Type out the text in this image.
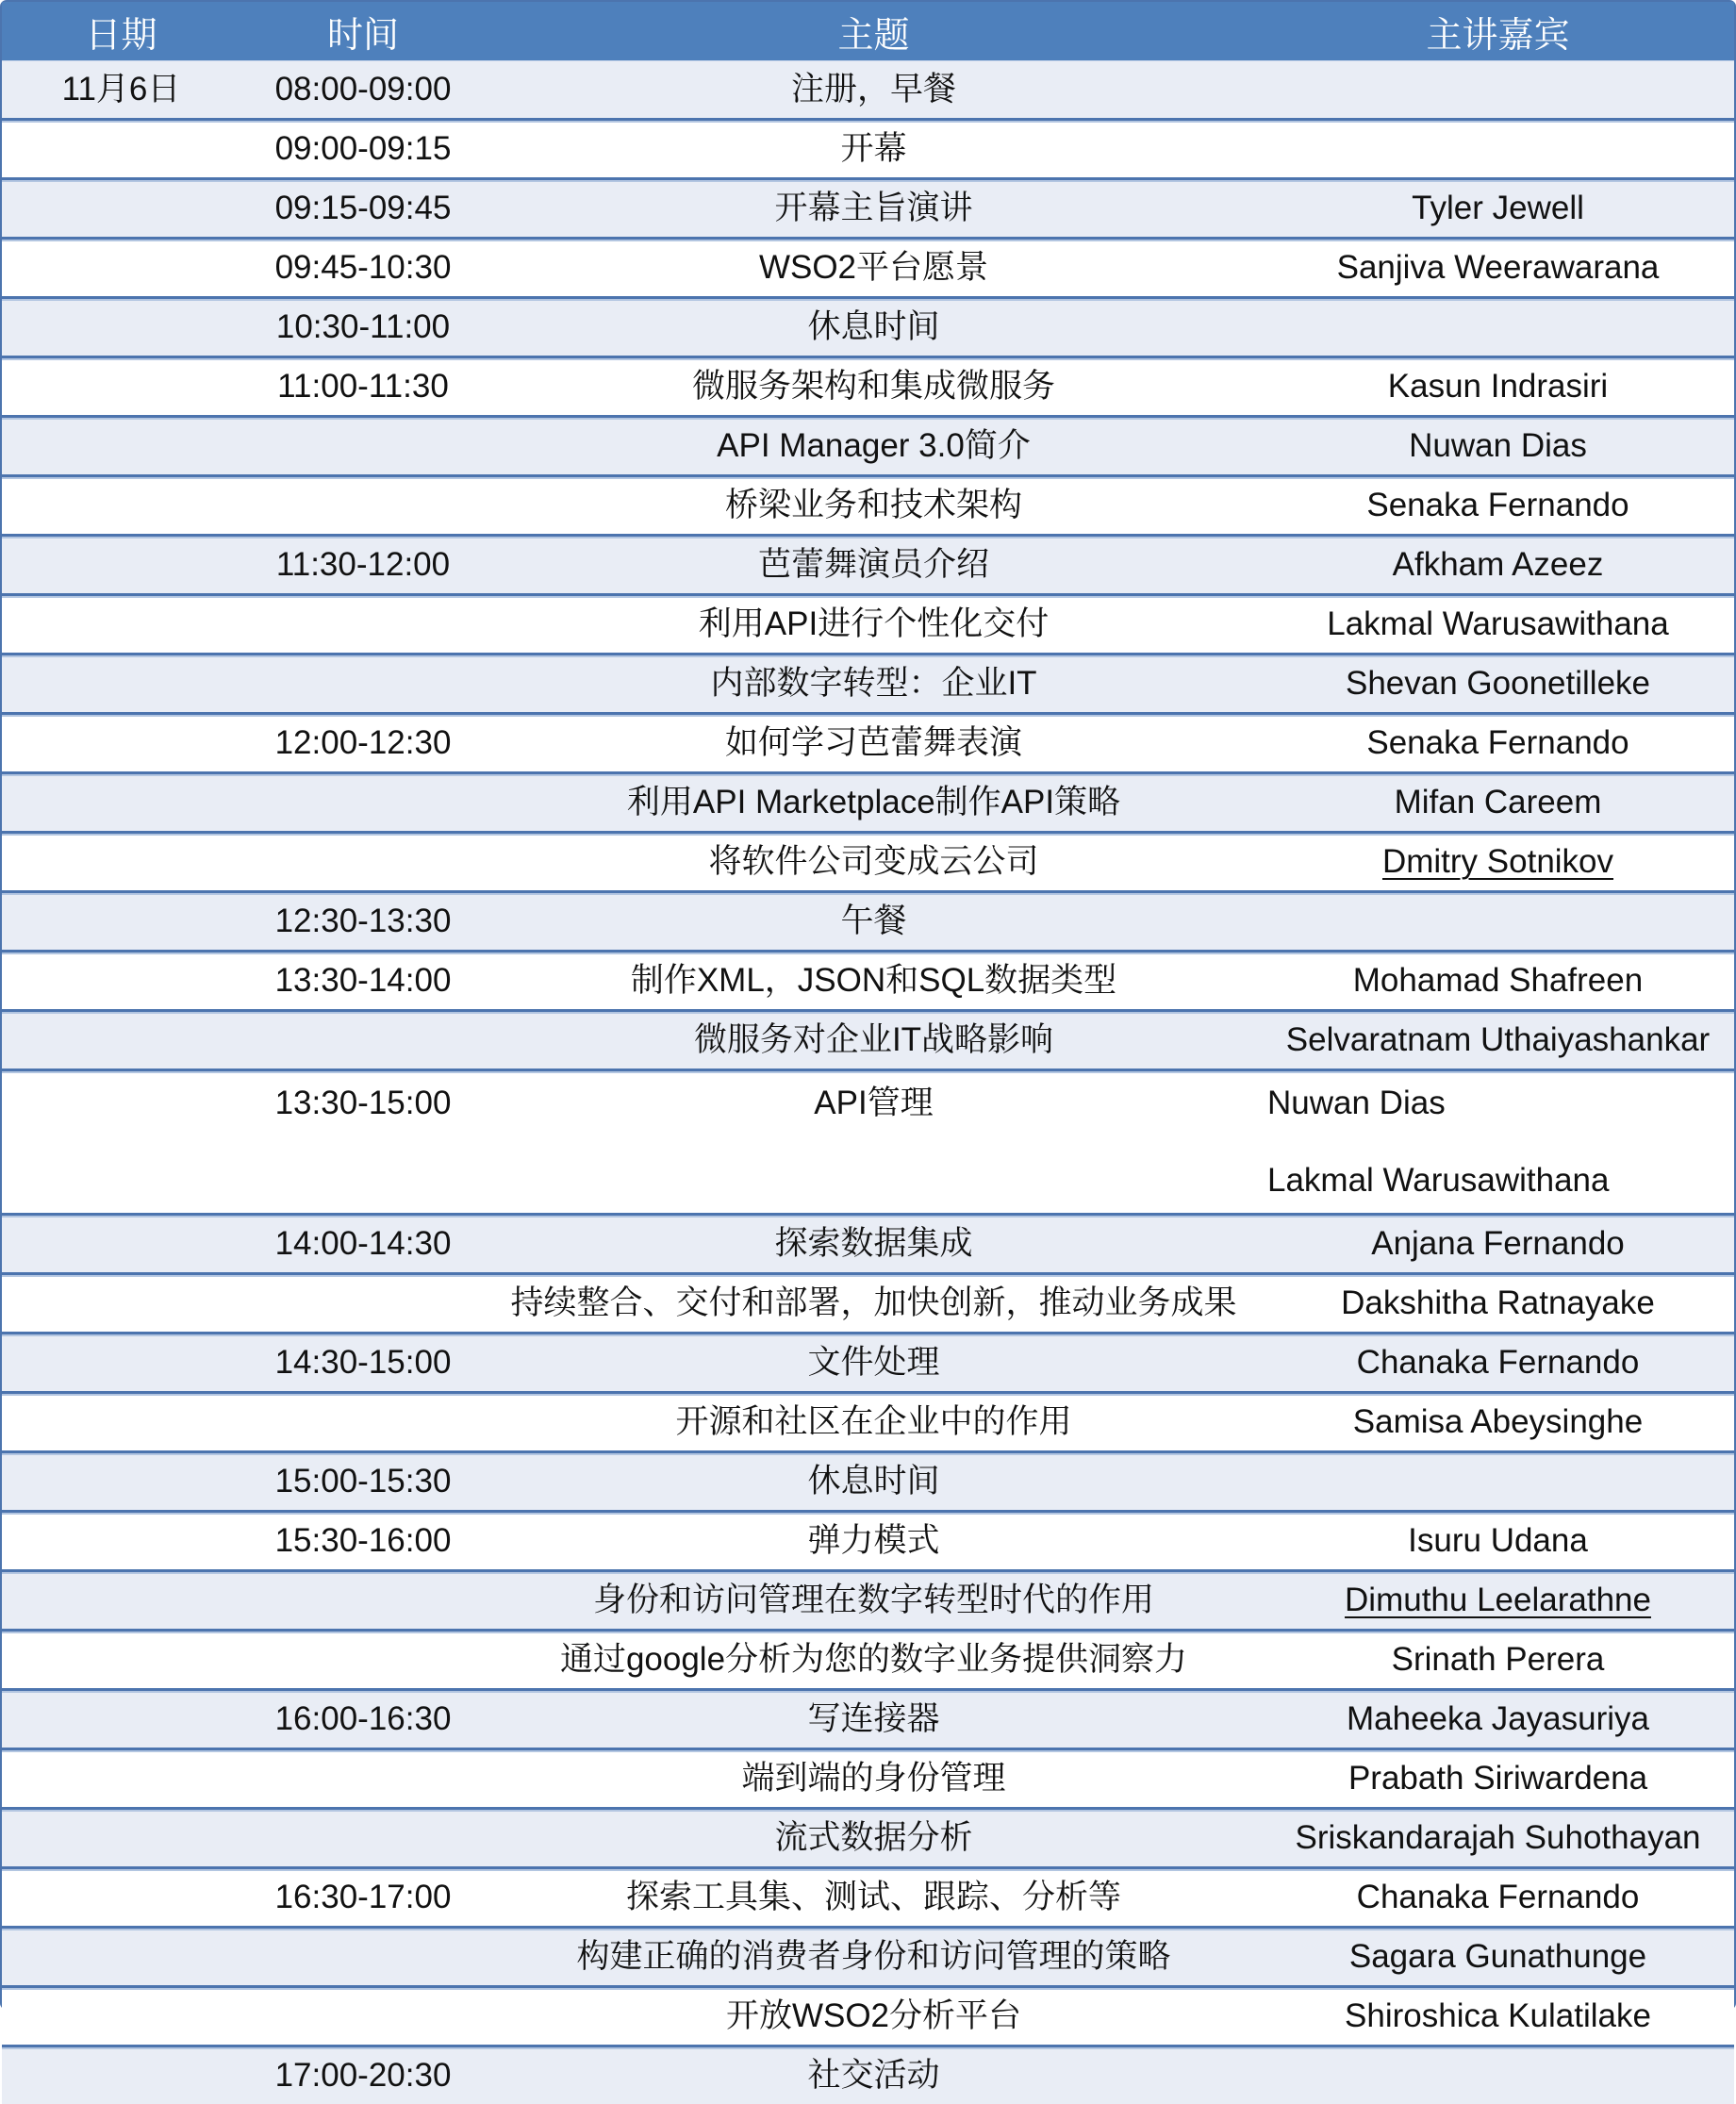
日期	时间	主题	主讲嘉宾
11月6日	08:00-09:00	注册，早餐
09:00-09:15	开幕
09:15-09:45	开幕主旨演讲	Tyler Jewell
09:45-10:30	WSO2平台愿景	Sanjiva Weerawarana
10:30-11:00	休息时间
11:00-11:30	微服务架构和集成微服务	Kasun Indrasiri
API Manager 3.0简介	Nuwan Dias
桥梁业务和技术架构	Senaka Fernando
11:30-12:00	芭蕾舞演员介绍	Afkham Azeez
利用API进行个性化交付	Lakmal Warusawithana
内部数字转型：企业IT	Shevan Goonetilleke
12:00-12:30	如何学习芭蕾舞表演	Senaka Fernando
利用API Marketplace制作API策略	Mifan Careem
将软件公司变成云公司	Dmitry Sotnikov
12:30-13:30	午餐
13:30-14:00	制作XML，JSON和SQL数据类型	Mohamad Shafreen
微服务对企业IT战略影响	Selvaratnam Uthaiyashankar
13:30-15:00	API管理	Nuwan Dias
Lakmal Warusawithana
14:00-14:30	探索数据集成	Anjana Fernando
持续整合、交付和部署，加快创新，推动业务成果	Dakshitha Ratnayake
14:30-15:00	文件处理	Chanaka Fernando
开源和社区在企业中的作用	Samisa Abeysinghe
15:00-15:30	休息时间
15:30-16:00	弹力模式	Isuru Udana
身份和访问管理在数字转型时代的作用	Dimuthu Leelarathne
通过google分析为您的数字业务提供洞察力	Srinath Perera
16:00-16:30	写连接器	Maheeka Jayasuriya
端到端的身份管理	Prabath Siriwardena
流式数据分析	Sriskandarajah Suhothayan
16:30-17:00	探索工具集、测试、跟踪、分析等	Chanaka Fernando
构建正确的消费者身份和访问管理的策略	Sagara Gunathunge
开放WSO2分析平台	Shiroshica Kulatilake
17:00-20:30	社交活动
